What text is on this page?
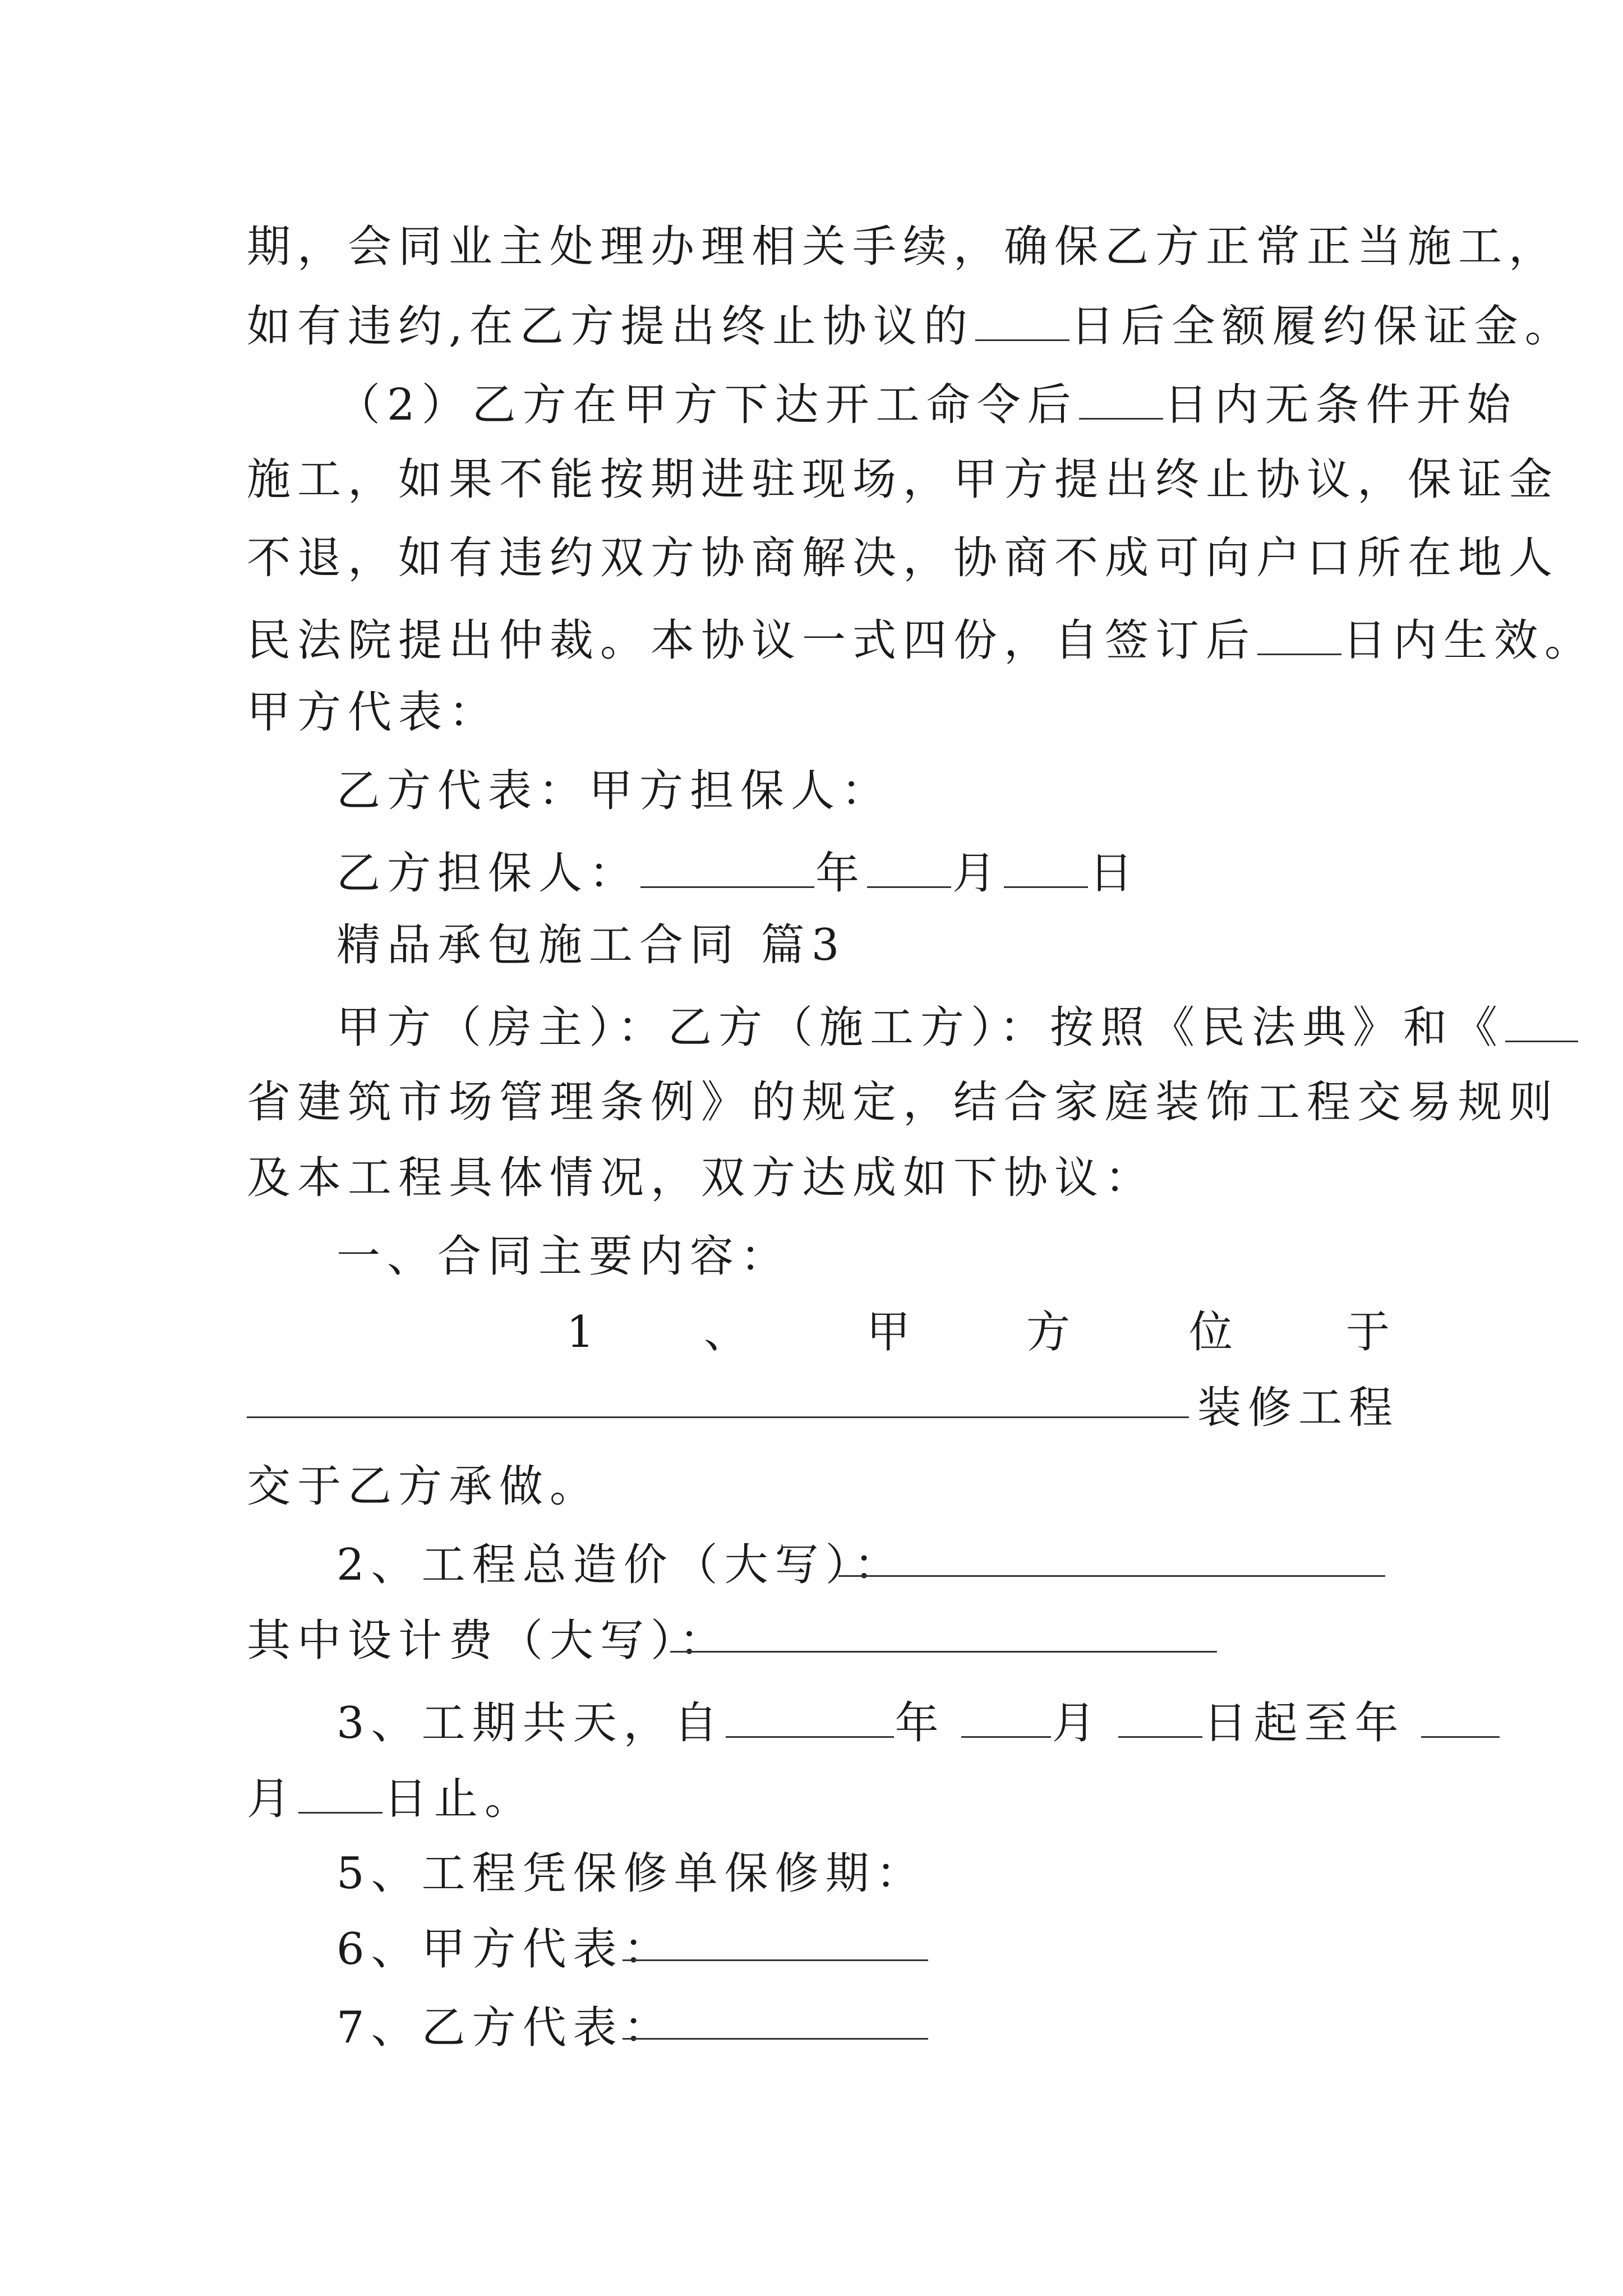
期，会同业主处理办理相关手续，确保乙方正常正当施工，
如有违约,在乙方提出终止协议的 日后全额履约保证金。
（2）乙方在甲方下达开工命令后 日内无条件开始
施工，如果不能按期进驻现场，甲方提出终止协议，保证金
不退，如有违约双方协商解决，协商不成可向户口所在地人
民法院提出仲裁。本协议一式四份，自签订后 日内生效。
甲方代表：
乙方代表：甲方担保人：
乙方担保人：	年 月 日
精品承包施工合同 篇3
甲方（房主）：乙方（施工方）：按照《民法典》和《
省建筑市场管理条例》的规定，结合家庭装饰工程交易规则
及本工程具体情况，双方达成如下协议：
一、合同主要内容：
1	、	甲	方	位	于
装修工程
交于乙方承做。
2、工程总造价（大写）：
其中设计费（大写）：
3、工期共天，自	年 月 日起至年
月 日止。
5、工程凭保修单保修期：
6、甲方代表：
7、乙方代表：
